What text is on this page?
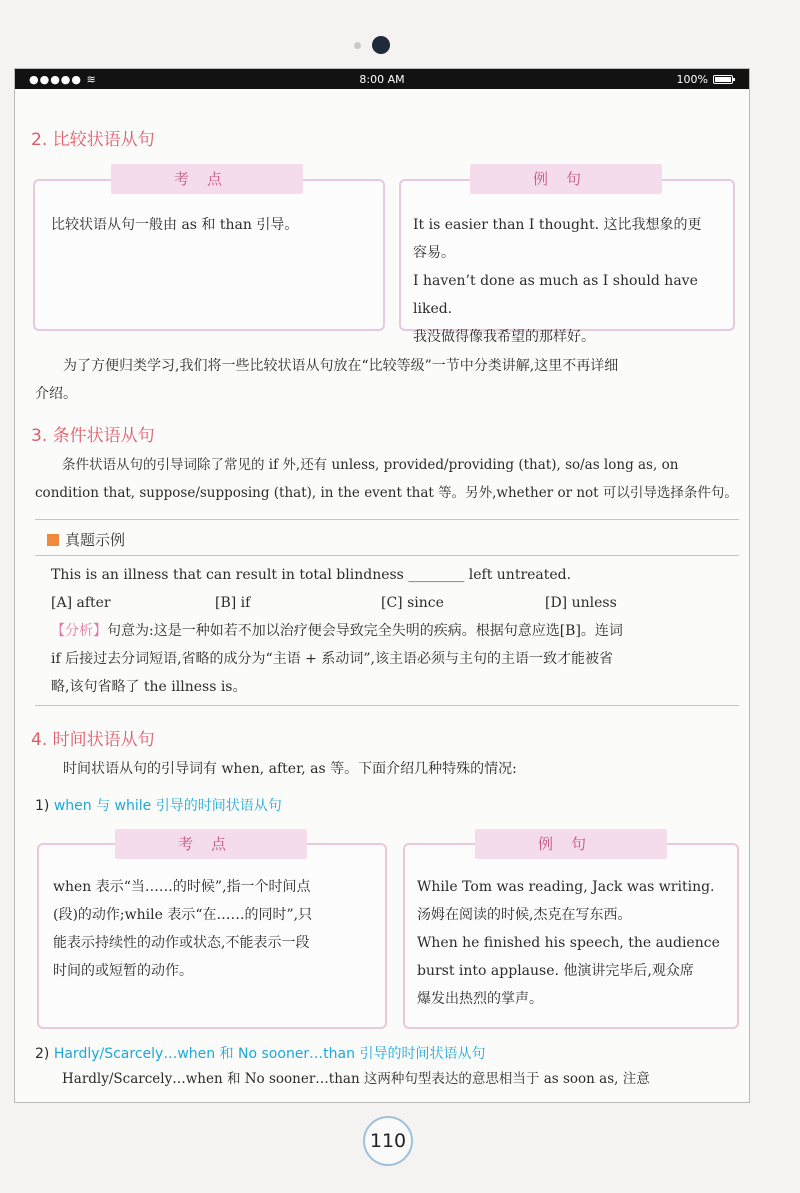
●●●●● ≋	8:00 AM	100%
2. 比较状语从句
考点
比较状语从句一般由 as 和 than 引导。
例句
It is easier than I thought. 这比我想象的更
容易。
I haven’t done as much as I should have liked.
我没做得像我希望的那样好。
为了方便归类学习,我们将一些比较状语从句放在“比较等级”一节中分类讲解,这里不再详细
介绍。
3. 条件状语从句
条件状语从句的引导词除了常见的 if 外,还有 unless, provided/providing (that), so/as long as, on
condition that, suppose/supposing (that), in the event that 等。另外,whether or not 可以引导选择条件句。
真题示例
This is an illness that can result in total blindness ________ left untreated.
[A] after	[B] if	[C] since	[D] unless
【分析】句意为:这是一种如若不加以治疗便会导致完全失明的疾病。根据句意应选[B]。连词
if 后接过去分词短语,省略的成分为“主语 + 系动词”,该主语必须与主句的主语一致才能被省
略,该句省略了 the illness is。
4. 时间状语从句
时间状语从句的引导词有 when, after, as 等。下面介绍几种特殊的情况:
1) when 与 while 引导的时间状语从句
考点
when 表示“当……的时候”,指一个时间点
(段)的动作;while 表示“在……的同时”,只
能表示持续性的动作或状态,不能表示一段
时间的或短暂的动作。
例句
While Tom was reading, Jack was writing.
汤姆在阅读的时候,杰克在写东西。
When he finished his speech, the audience
burst into applause. 他演讲完毕后,观众席
爆发出热烈的掌声。
2) Hardly/Scarcely…when 和 No sooner…than 引导的时间状语从句
Hardly/Scarcely…when 和 No sooner…than 这两种句型表达的意思相当于 as soon as, 注意
110
